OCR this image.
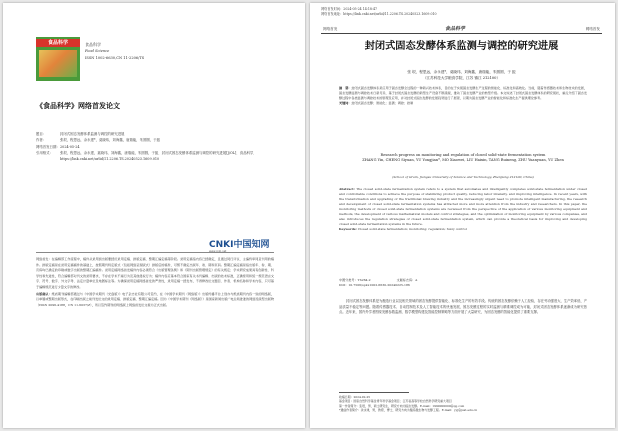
食品科学	食品科学
Food Science
ISSN 1002-6630,CN 11-2206/TS
《食品科学》网络首发论文
题目：	封闭式固态发酵体系监测与调控的研究进展
作者：	张垠，程思远，余永建*，莫晓玮，刘海鑫，唐瑞能，朱圆圆，于振
网络首发日期： 2024-05-24
引用格式：	张垠，程思远，余永建，莫晓玮，刘海鑫，唐瑞能，朱圆圆，于振．封闭式固态发酵体系监测与调控的研究进展[J/OL]．食品科学．
https://link.cnki.net/urlid/11.2206.TS.20240523.1609.010
CNKI中国知网

网络首发：在编辑部工作流程中，稿件从录用到出版要经历录用定稿、排版定稿、整期汇编定稿等阶段。录用定稿指内容已经确定，且通过同行评议、主编终审同意刊用的稿件。排版定稿是在录用定稿稿件的基础上，按照期刊特定版式（包括网络呈现版式）排版后的稿件，可暂不确定出版年、卷、期和页码。整期汇编定稿是指出版年、卷、期、页码均已确定的印刷或数字出版的整期汇编稿件。录用定稿网络首发稿件内容必须符合《出版管理条例》和《期刊出版管理规定》的有关规定；学术研究成果具有创新性、科学性和先进性，符合编辑部对刊文的录用要求，不存在学术不端行为及其他侵权行为；稿件内容应基本符合国家有关书刊编辑、出版的技术标准，正确使用和统一规范语言文字、符号、数字、外文字母、法定计量单位及地图标注等。为确保录用定稿网络首发的严肃性，录用定稿一经发布，不得修改论文题目、作者、机构名称和学术内容，只可基于编辑规范进行少量文字的修改。

出版确认：纸质期刊编辑部通过与《中国学术期刊（光盘版）》电子杂志社有限公司签约，在《中国学术期刊（网络版）》出版传播平台上创办与纸质期刊内容一致的网络版，以单篇或整期出版形式，在印刷出版之前刊发论文的录用定稿、排版定稿、整期汇编定稿。因为《中国学术期刊（网络版）》是国家新闻出版广电总局批准的网络连续型出版物（ISSN 2096-4188，CN 11-6037/Z），所以签约期刊的网络版上网络首发论文视为正式出版。

网络首发时间：2024-05-24 14:18:47
网络首发地址：https://link.cnki.net/urlid/11.2206.TS.20240523.1609.010
网络首发	食品科学	网络首发
封闭式固态发酵体系监测与调控的研究进展
张 垠，程思远，余永建*，莫晓玮，刘海鑫，唐瑞能，朱圆圆，于 振
（江苏科技大学粮食学院，江苏 镇江 212100）
摘　要：封闭式固态发酵体系是应用于固态发酵全过程的一种新兴技术体系，目的在于实现固态发酵生产过程的智能化、标准化和高效化。当前，随着传感器技术和生物技术的发展，固态发酵监测与调控技术日新月异，基于封闭式固态发酵的新型生产设备不断涌现，推动了固态发酵产业的转型升级。本文综述了封闭式固态发酵体系的研究现状，重点介绍了固态发酵过程中各类监测与调控技术的原理及应用，并对封闭式固态发酵的发展趋势进行了展望，以期为固态发酵产业的智能化和标准化生产提供理论参考。
关键词：封闭式固态发酵；智能化；监测；调控；控制
Research progress on monitoring and regulation of closed solid-state fermentation system
ZHANG Yin, CHENG Siyuan, YU Yongjian*, MO Xiaowei, LIU Haixin, TANG Ruineng, ZHU Yuanyuan, YU Zhen
(School of Grain, Jiangsu University of Science and Technology, Zhenjiang 212100, China)
Abstract: The closed solid-state fermentation system refers to a system that automates and intelligently completes solid-state fermentation under closed and controllable conditions to achieve the purpose of stabilizing product quality, reducing labor intensity, and improving intelligence. In recent years, with the transformation and upgrading of the traditional brewing industry and the increasingly urgent need to promote intelligent manufacturing, the research and development of closed solid-state fermentation systems has attracted more and more attention from the industry and researchers. In this paper, the monitoring methods of closed solid-state fermentation systems are reviewed from the perspective of the application of various monitoring equipment and methods, the development of various mathematical models and control strategies, and the optimization of monitoring equipment by various companies, and also introduces the regulation strategies of closed solid-state fermentation system, which can provide a theoretical basis for improving and developing closed solid-state fermentation systems in the future.
Keywords: Closed solid-state fermentation; monitoring; regulation; fuzzy control
中图分类号：TS264.2	文献标志码：A
DOI：10.7506/spkx1002-6630-20240225-186
封闭式固态发酵体系是为酿造行业以及相关领域的固态发酵提供智能化、标准化生产的有效手段。传统的固态发酵依赖于人工经验，存在劳动强度大、生产效率低、产品质量不稳定等问题。随着传感器技术、自动控制技术及人工智能技术的快速发展，固态发酵过程的实时监测与精准调控成为可能，封闭式固态发酵体系逐渐成为研究热点。近年来，国内外学者围绕发酵参数监测、数学模型构建及智能控制策略等方面开展了大量研究，为固态发酵的智能化提供了重要支撑。
收稿日期：2024-02-25
基金项目：国家自然科学基金青年科学基金项目；江苏省高等学校自然科学研究重大项目
第一作者简介：张垠，男，硕士研究生，研究方向为固态发酵。E-mail：1990000000@qq.com
*通信作者简介：余永建，男，教授，博士，研究方向为酿造微生物与发酵工程。E-mail：yyj@just.edu.cn
